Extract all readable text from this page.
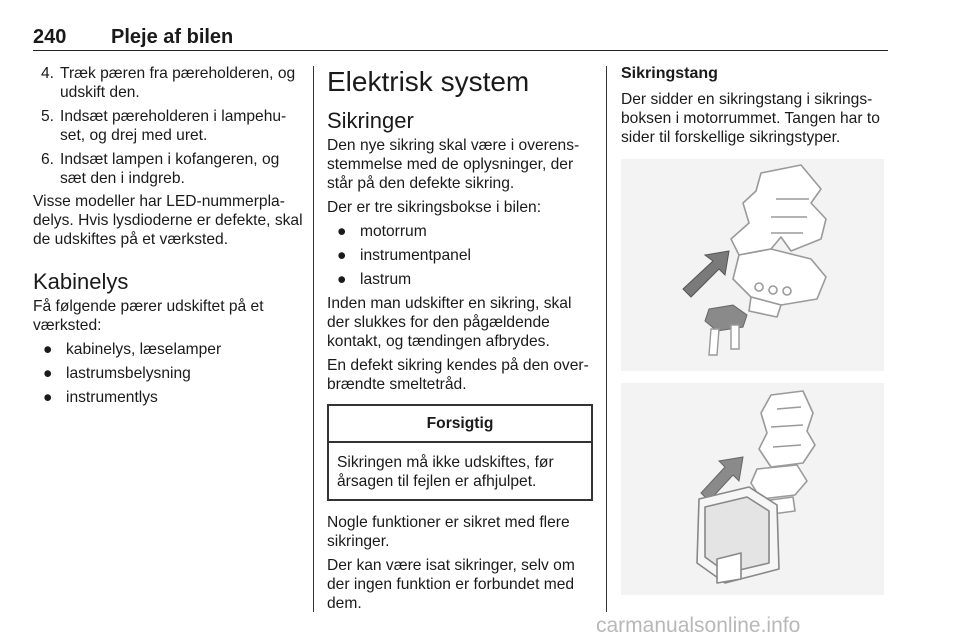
240 Pleje af bilen
4. Træk pæren fra pæreholderen, og udskift den.
5. Indsæt pæreholderen i lampehuset, og drej med uret.
6. Indsæt lampen i kofangeren, og sæt den i indgreb.

Visse modeller har LED-nummerpladelys. Hvis lysdioderne er defekte, skal de udskiftes på et værksted.

Kabinelys

Få følgende pærer udskiftet på et værksted:

● kabinelys, læselamper
● lastrumsbelysning
● instrumentlys
Elektrisk system
Sikringer

Den nye sikring skal være i overensstemmelse med de oplysninger, der står på den defekte sikring.

Der er tre sikringsbokse i bilen:

● motorrum
● instrumentpanel
● lastrum

Inden man udskifter en sikring, skal der slukkes for den pågældende kontakt, og tændingen afbrydes.

En defekt sikring kendes på den overbrændte smeltetråd.

Forsigtig
Sikringen må ikke udskiftes, før årsagen til fejlen er afhjulpet.

Nogle funktioner er sikret med flere sikringer.

Der kan være isat sikringer, selv om der ingen funktion er forbundet med dem.

Sikringstang

Der sidder en sikringstang i sikringsboksen i motorrummet. Tangen har to sider til forskellige sikringstyper.

carmanualsonline.info
